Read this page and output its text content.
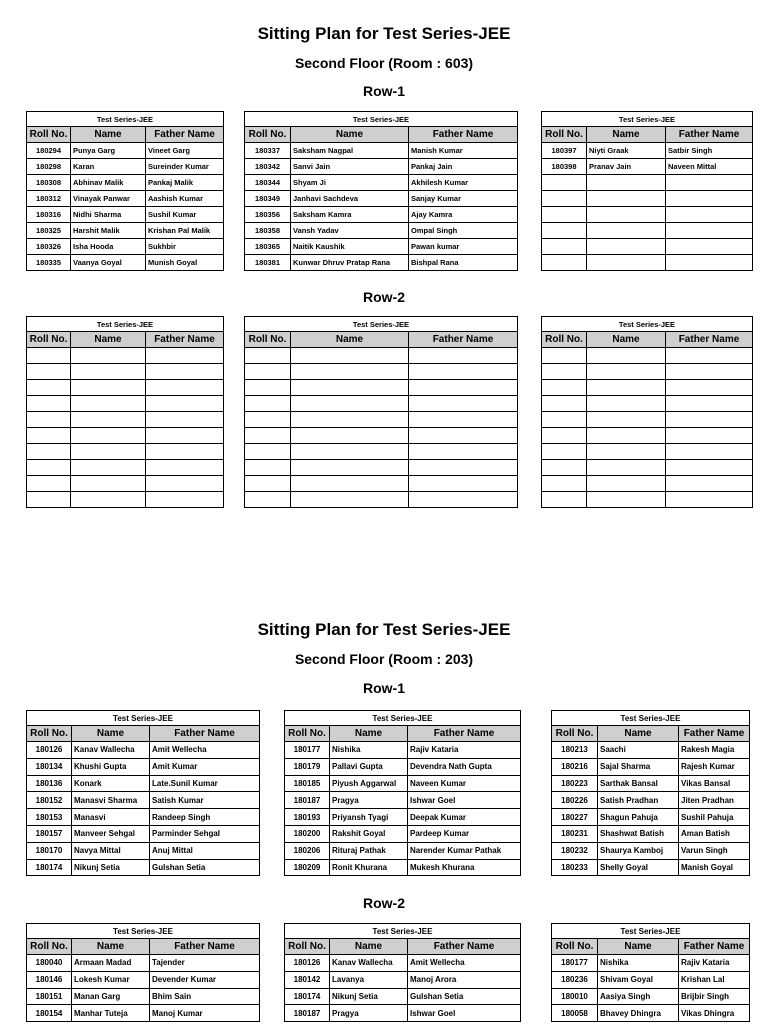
Sitting Plan for Test Series-JEE
Second Floor (Room : 603)
Row-1
Test Series-JEE		
Roll No.	Name	Father Name
180294	Punya Garg	Vineet Garg
180298	Karan	Sureinder Kumar
180308	Abhinav Malik	Pankaj Malik
180312	Vinayak Panwar	Aashish Kumar
180316	Nidhi Sharma	Sushil Kumar
180325	Harshit Malik	Krishan Pal Malik
180326	Isha Hooda	Sukhbir
180335	Vaanya Goyal	Munish Goyal
Test Series-JEE		
Roll No.	Name	Father Name
180337	Saksham Nagpal	Manish Kumar
180342	Sanvi Jain	Pankaj Jain
180344	Shyam Ji	Akhilesh Kumar
180349	Janhavi Sachdeva	Sanjay Kumar
180356	Saksham Kamra	Ajay Kamra
180358	Vansh Yadav	Ompal Singh
180365	Naitik Kaushik	Pawan kumar
180381	Kunwar Dhruv Pratap Rana	Bishpal Rana
Test Series-JEE		
Roll No.	Name	Father Name
180397	Niyti Graak	Satbir Singh
180398	Pranav Jain	Naveen Mittal

Row-2
Test Series-JEE		
Roll No.	Name	Father Name

Test Series-JEE		
Roll No.	Name	Father Name

Test Series-JEE		
Roll No.	Name	Father Name

Sitting Plan for Test Series-JEE
Second Floor (Room : 203)
Row-1
Test Series-JEE		
Roll No.	Name	Father Name
180126	Kanav Wallecha	Amit Wellecha
180134	Khushi Gupta	Amit Kumar
180136	Konark	Late.Sunil Kumar
180152	Manasvi Sharma	Satish Kumar
180153	Manasvi	Randeep Singh
180157	Manveer Sehgal	Parminder Sehgal
180170	Navya Mittal	Anuj Mittal
180174	Nikunj Setia	Gulshan Setia
Test Series-JEE		
Roll No.	Name	Father Name
180177	Nishika	Rajiv Kataria
180179	Pallavi Gupta	Devendra Nath Gupta
180185	Piyush Aggarwal	Naveen Kumar
180187	Pragya	Ishwar Goel
180193	Priyansh Tyagi	Deepak Kumar
180200	Rakshit Goyal	Pardeep Kumar
180206	Rituraj Pathak	Narender Kumar Pathak
180209	Ronit Khurana	Mukesh Khurana
Test Series-JEE		
Roll No.	Name	Father Name
180213	Saachi	Rakesh Magia
180216	Sajal Sharma	Rajesh Kumar
180223	Sarthak Bansal	Vikas Bansal
180226	Satish Pradhan	Jiten Pradhan
180227	Shagun Pahuja	Sushil Pahuja
180231	Shashwat Batish	Aman Batish
180232	Shaurya Kamboj	Varun Singh
180233	Shelly Goyal	Manish Goyal
Row-2
Test Series-JEE		
Roll No.	Name	Father Name
180040	Armaan Madad	Tajender
180146	Lokesh Kumar	Devender Kumar
180151	Manan Garg	Bhim Sain
180154	Manhar Tuteja	Manoj Kumar
Test Series-JEE		
Roll No.	Name	Father Name
180126	Kanav Wallecha	Amit Wellecha
180142	Lavanya	Manoj Arora
180174	Nikunj Setia	Gulshan Setia
180187	Pragya	Ishwar Goel
Test Series-JEE		
Roll No.	Name	Father Name
180177	Nishika	Rajiv Kataria
180236	Shivam Goyal	Krishan Lal
180010	Aasiya Singh	Brijbir Singh
180058	Bhavey Dhingra	Vikas Dhingra
